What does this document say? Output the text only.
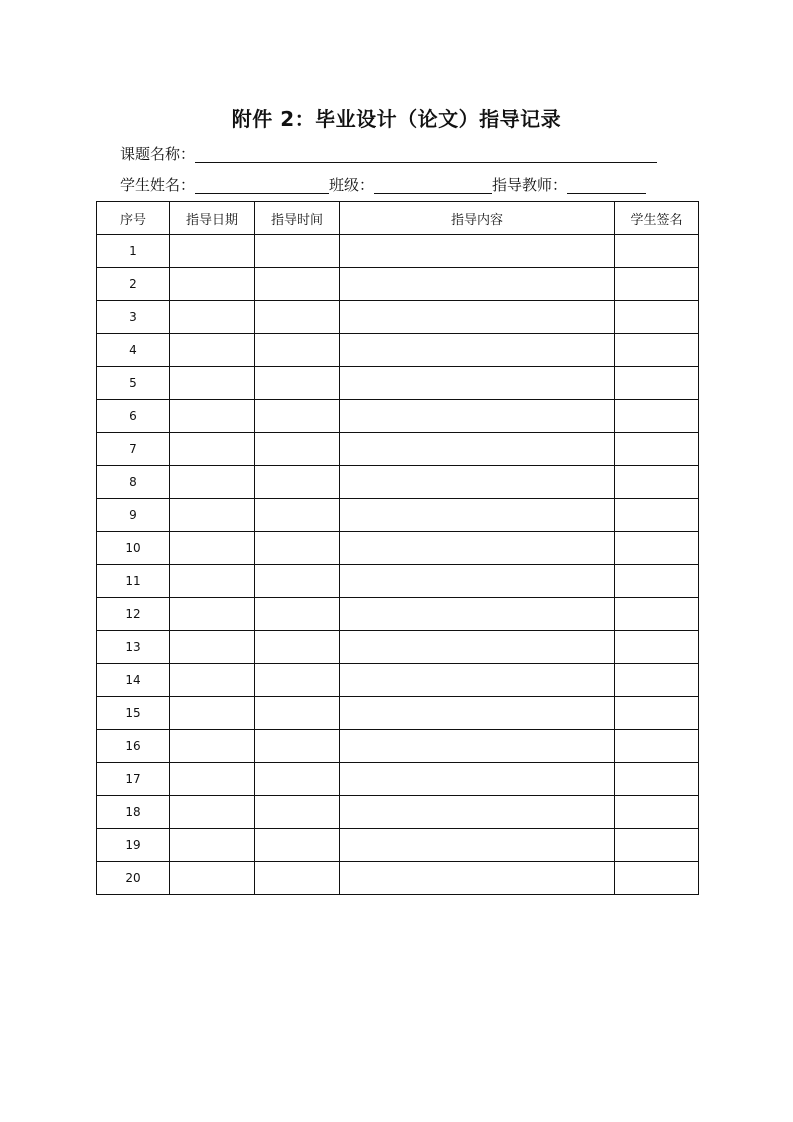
附件 2：毕业设计（论文）指导记录
课题名称：
学生姓名：	班级：	指导教师：
序号	指导日期	指导时间	指导内容	学生签名
1				
2				
3				
4				
5				
6				
7				
8				
9				
10				
11				
12				
13				
14				
15				
16				
17				
18				
19				
20				
